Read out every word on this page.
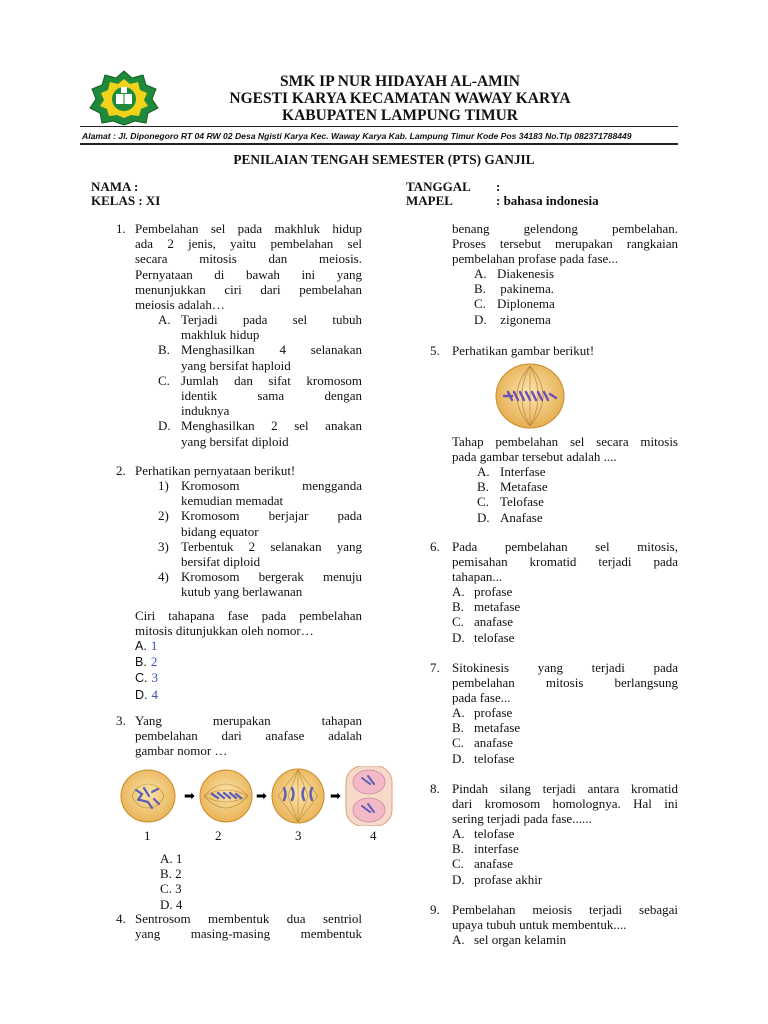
SMK IP NUR HIDAYAH AL-AMIN
NGESTI KARYA KECAMATAN WAWAY KARYA
KABUPATEN LAMPUNG TIMUR
Alamat : Jl. Diponegoro RT 04 RW 02 Desa Ngisti Karya Kec. Waway Karya Kab. Lampung Timur Kode Pos 34183 No.Tlp 082371788449
PENILAIAN TENGAH SEMESTER (PTS) GANJIL
NAMA :
KELAS : XI
TANGGAL :
MAPEL	: bahasa indonesia
1. Pembelahan sel pada makhluk hidup
ada 2 jenis, yaitu pembelahan sel
secara mitosis dan meiosis.
Pernyataan di bawah ini yang
menunjukkan ciri dari pembelahan
meiosis adalah…
A. Terjadi pada sel tubuh
makhluk hidup
B. Menghasilkan 4 selanakan
yang bersifat haploid
C. Jumlah dan sifat kromosom
identik sama dengan
induknya
D. Menghasilkan 2 sel anakan
yang bersifat diploid
2. Perhatikan pernyataan berikut!
1) Kromosom mengganda
kemudian memadat
2) Kromosom berjajar pada
bidang equator
3) Terbentuk 2 selanakan yang
bersifat diploid
4) Kromosom bergerak menuju
kutub yang berlawanan
Ciri tahapana fase pada pembelahan
mitosis ditunjukkan oleh nomor…
A. 1
B. 2
C. 3
D. 4
3. Yang merupakan tahapan
pembelahan dari anafase adalah
gambar nomor …
➡	➡	➡
1	2	3	4
A. 1
B. 2
C. 3
D. 4
4. Sentrosom membentuk dua sentriol
yang masing-masing membentuk
benang gelendong pembelahan.
Proses tersebut merupakan rangkaian
pembelahan profase pada fase...
A. Diakenesis
B. pakinema.
C. Diplonema
D. zigonema
5. Perhatikan gambar berikut!
Tahap pembelahan sel secara mitosis
pada gambar tersebut adalah ....
A. Interfase
B. Metafase
C. Telofase
D. Anafase
6. Pada pembelahan sel mitosis,
pemisahan kromatid terjadi pada
tahapan...
A. profase
B. metafase
C. anafase
D. telofase
7. Sitokinesis yang terjadi pada
pembelahan mitosis berlangsung
pada fase...
A. profase
B. metafase
C. anafase
D. telofase
8. Pindah silang terjadi antara kromatid
dari kromosom homolognya. Hal ini
sering terjadi pada fase......
A. telofase
B. interfase
C. anafase
D. profase akhir
9. Pembelahan meiosis terjadi sebagai
upaya tubuh untuk membentuk....
A. sel organ kelamin
